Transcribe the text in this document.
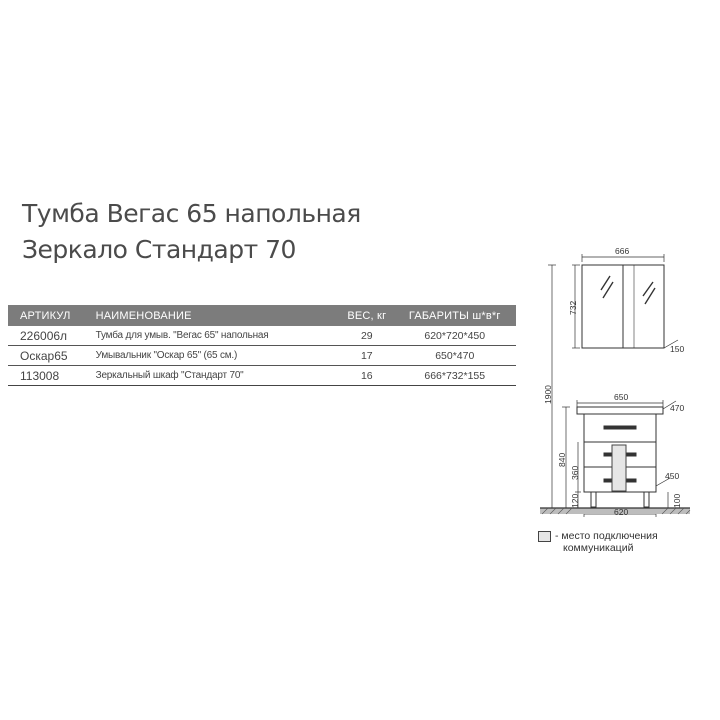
Тумба Вегас 65 напольная
Зеркало Стандарт 70
АРТИКУЛ	НАИМЕНОВАНИЕ	ВЕС, кг	ГАБАРИТЫ ш*в*г
226006л	Тумба для умыв. "Вегас 65" напольная	29	620*720*450
Оскар65	Умывальник "Оскар 65" (65 см.)	17	650*470
113008	Зеркальный шкаф "Стандарт 70"	16	666*732*155
666
732
150
1900	650
470
840
360
120
450
100
620
- место подключения
коммуникаций
